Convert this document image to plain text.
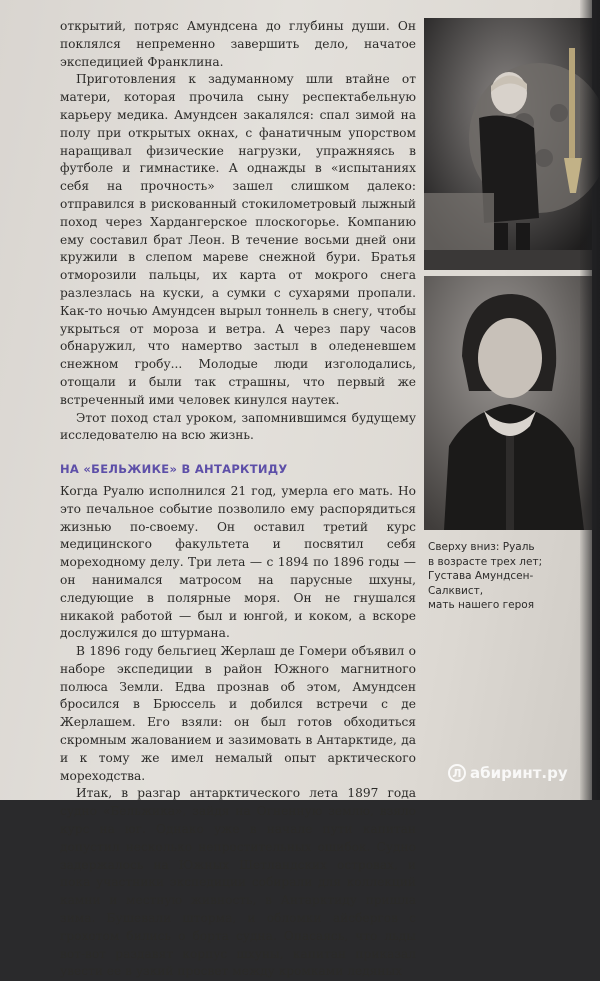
открытий, потряс Амундсена до глубины души. Он поклялся непременно завершить дело, начатое экспедицией Франклина.

Приготовления к задуманному шли втайне от матери, которая прочила сыну респектабельную карьеру медика. Амундсен закалялся: спал зимой на полу при открытых окнах, с фанатичным упорством наращивал физические нагрузки, упражняясь в футболе и гимнастике. А однажды в «испытаниях себя на прочность» зашел слишком далеко: отправился в рискованный стокилометровый лыжный поход через Хардангерское плоскогорье. Компанию ему составил брат Леон. В течение восьми дней они кружили в слепом мареве снежной бури. Братья отморозили пальцы, их карта от мокрого снега разлезлась на куски, а сумки с сухарями пропали. Как-то ночью Амундсен вырыл тоннель в снегу, чтобы укрыться от мороза и ветра. А через пару часов обнаружил, что намертво застыл в оледеневшем снежном гробу... Молодые люди изголодались, отощали и были так страшны, что первый же встреченный ими человек кинулся наутек.

Этот поход стал уроком, запомнившимся будущему исследователю на всю жизнь.

НА «БЕЛЬЖИКЕ» В АНТАРКТИДУ

Когда Руалю исполнился 21 год, умерла его мать. Но это печальное событие позволило ему распорядиться жизнью по-своему. Он оставил третий курс медицинского факультета и посвятил себя мореходному делу. Три лета — с 1894 по 1896 годы — он нанимался матросом на парусные шхуны, следующие в полярные моря. Он не гнушался никакой работой — был и юнгой, и коком, а вскоре дослужился до штурмана.

В 1896 году бельгиец Жерлаш де Гомери объявил о наборе экспедиции в район Южного магнитного полюса Земли. Едва прознав об этом, Амундсен бросился в Брюссель и добился встречи с де Жерлашем. Его взяли: он был готов обходиться скромным жалованием и зазимовать в Антарктиде, да и к тому же имел немалый опыт арктического мореходства.

Итак, в разгар антарктического лета 1897 года судно «Бельжика», зайдя на Огненную землю, взяло курс на юг. Однако уже в начале пути капитан допустил несколько непростительных ошибок. Судно задержалось на Южных Шетландских островах, и пока участники экспедиции собирали для коллекций камни и местную живность, в Антарктиду пришла зима. Бушевали шторма, и обломки айсбергов с грохотом бились о борта судна. Опасаясь, что льды вот-вот раздавят корпус шхуны, капитан приказал увести ее в узкий просвет между кромками ледяных

Сверху вниз: Руаль
в возрасте трех лет;
Густава Амундсен-
Салквист,
мать нашего героя
Л абиринт.ру
